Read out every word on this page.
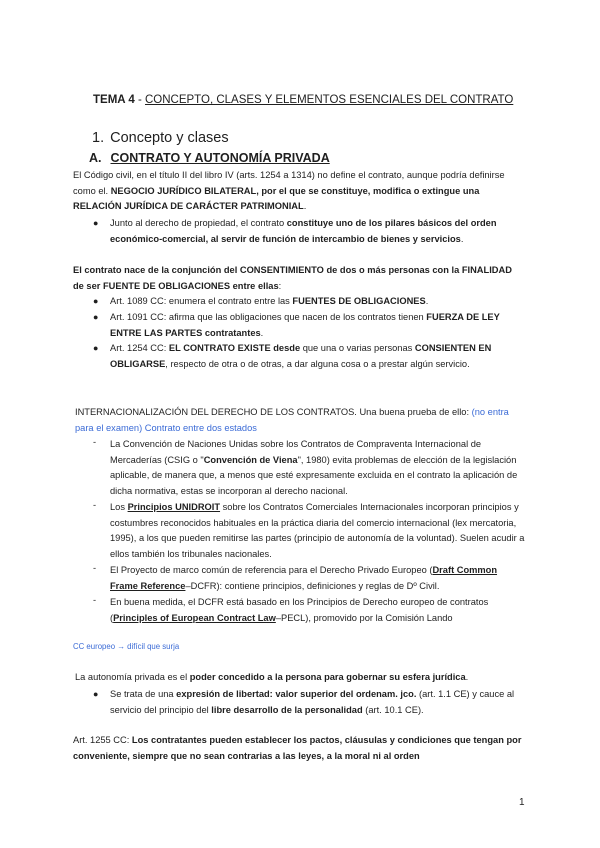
TEMA 4 - CONCEPTO, CLASES Y ELEMENTOS ESENCIALES DEL CONTRATO
1. Concepto y clases
A. CONTRATO Y AUTONOMÍA PRIVADA
El Código civil, en el título II del libro IV (arts. 1254 a 1314) no define el contrato, aunque podría definirse como el. NEGOCIO JURÍDICO BILATERAL, por el que se constituye, modifica o extingue una RELACIÓN JURÍDICA DE CARÁCTER PATRIMONIAL.
● Junto al derecho de propiedad, el contrato constituye uno de los pilares básicos del orden económico-comercial, al servir de función de intercambio de bienes y servicios.
El contrato nace de la conjunción del CONSENTIMIENTO de dos o más personas con la FINALIDAD de ser FUENTE DE OBLIGACIONES entre ellas:
● Art. 1089 CC: enumera el contrato entre las FUENTES DE OBLIGACIONES.
● Art. 1091 CC: afirma que las obligaciones que nacen de los contratos tienen FUERZA DE LEY ENTRE LAS PARTES contratantes.
● Art. 1254 CC: EL CONTRATO EXISTE desde que una o varias personas CONSIENTEN EN OBLIGARSE, respecto de otra o de otras, a dar alguna cosa o a prestar algún servicio.
INTERNACIONALIZACIÓN DEL DERECHO DE LOS CONTRATOS. Una buena prueba de ello: (no entra para el examen) Contrato entre dos estados
- La Convención de Naciones Unidas sobre los Contratos de Compraventa Internacional de Mercaderías (CSIG o "Convención de Viena", 1980) evita problemas de elección de la legislación aplicable, de manera que, a menos que esté expresamente excluida en el contrato la aplicación de dicha normativa, estas se incorporan al derecho nacional.
- Los Principios UNIDROIT sobre los Contratos Comerciales Internacionales incorporan principios y costumbres reconocidos habituales en la práctica diaria del comercio internacional (lex mercatoria, 1995), a los que pueden remitirse las partes (principio de autonomía de la voluntad). Suelen acudir a ellos también los tribunales nacionales.
- El Proyecto de marco común de referencia para el Derecho Privado Europeo (Draft Common Frame Reference–DCFR): contiene principios, definiciones y reglas de Dº Civil.
- En buena medida, el DCFR está basado en los Principios de Derecho europeo de contratos (Principles of European Contract Law–PECL), promovido por la Comisión Lando
CC europeo → difícil que surja
La autonomía privada es el poder concedido a la persona para gobernar su esfera jurídica.
● Se trata de una expresión de libertad: valor superior del ordenam. jco. (art. 1.1 CE) y cauce al servicio del principio del libre desarrollo de la personalidad (art. 10.1 CE).
Art. 1255 CC: Los contratantes pueden establecer los pactos, cláusulas y condiciones que tengan por conveniente, siempre que no sean contrarias a las leyes, a la moral ni al orden
1
